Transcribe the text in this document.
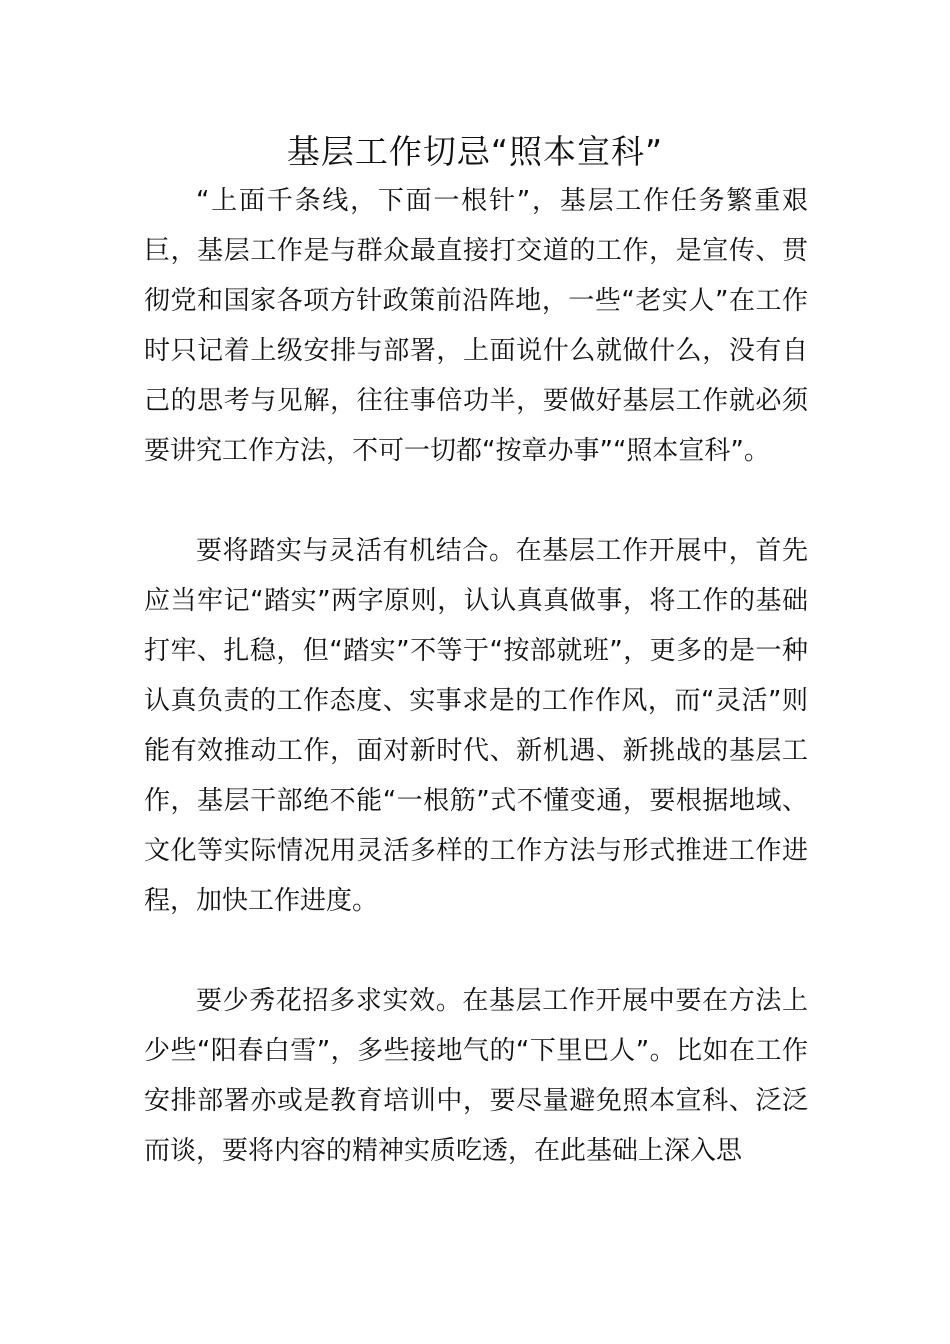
基层工作切忌“照本宣科”

“上面千条线，下面一根针”，基层工作任务繁重艰巨，基层工作是与群众最直接打交道的工作，是宣传、贯彻党和国家各项方针政策前沿阵地，一些“老实人”在工作时只记着上级安排与部署，上面说什么就做什么，没有自己的思考与见解，往往事倍功半，要做好基层工作就必须要讲究工作方法，不可一切都“按章办事”“照本宣科”。

要将踏实与灵活有机结合。在基层工作开展中，首先应当牢记“踏实”两字原则，认认真真做事，将工作的基础打牢、扎稳，但“踏实”不等于“按部就班”，更多的是一种认真负责的工作态度、实事求是的工作作风，而“灵活”则能有效推动工作，面对新时代、新机遇、新挑战的基层工作，基层干部绝不能“一根筋”式不懂变通，要根据地域、文化等实际情况用灵活多样的工作方法与形式推进工作进程，加快工作进度。

要少秀花招多求实效。在基层工作开展中要在方法上少些“阳春白雪”，多些接地气的“下里巴人”。比如在工作安排部署亦或是教育培训中，要尽量避免照本宣科、泛泛而谈，要将内容的精神实质吃透，在此基础上深入思
